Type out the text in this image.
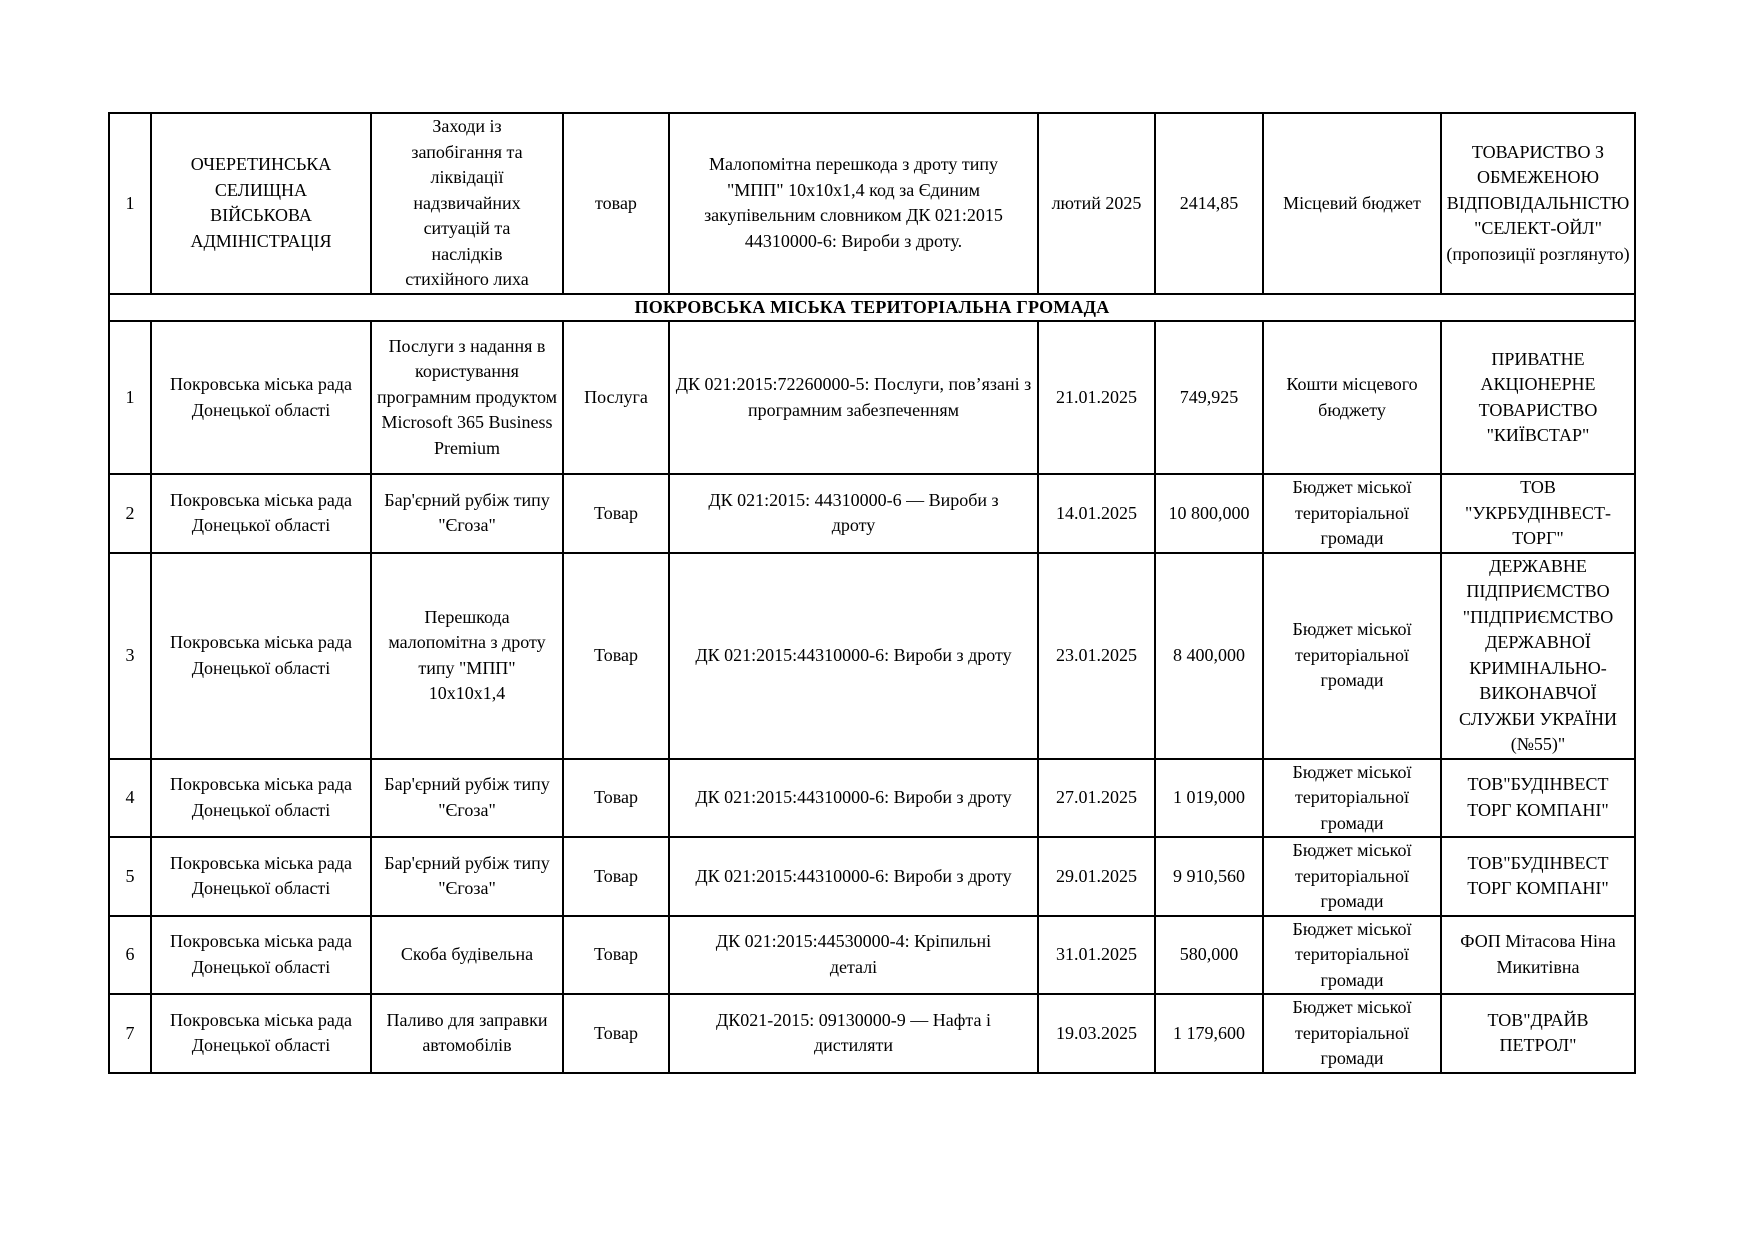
1	ОЧЕРЕТИНСЬКА СЕЛИЩНА ВІЙСЬКОВА АДМІНІСТРАЦІЯ	Заходи із запобігання та ліквідації надзвичайних ситуацій та наслідків стихійного лиха	товар	Малопомітна перешкода з дроту типу "МПП" 10х10х1,4 код за Єдиним закупівельним словником ДК 021:2015 44310000-6: Вироби з дроту.	лютий 2025	2414,85	Місцевий бюджет	ТОВАРИСТВО З ОБМЕЖЕНОЮ ВІДПОВІДАЛЬНІСТЮ "СЕЛЕКТ-ОЙЛ" (пропозиції розглянуто)
ПОКРОВСЬКА МІСЬКА ТЕРИТОРІАЛЬНА ГРОМАДА								
1	Покровська міська рада Донецької області	Послуги з надання в користування програмним продуктом Microsoft 365 Business Premium	Послуга	ДК 021:2015:72260000-5: Послуги, пов’язані з програмним забезпеченням	21.01.2025	749,925	Кошти місцевого бюджету	ПРИВАТНЕ АКЦІОНЕРНЕ ТОВАРИСТВО "КИЇВСТАР"
2	Покровська міська рада Донецької області	Бар'єрний рубіж типу "Єгоза"	Товар	ДК 021:2015: 44310000-6 — Вироби з дроту	14.01.2025	10 800,000	Бюджет міської територіальної громади	ТОВ "УКРБУДІНВЕСТ-ТОРГ"
3	Покровська міська рада Донецької області	Перешкода малопомітна з дроту типу "МПП" 10х10х1,4	Товар	ДК 021:2015:44310000-6: Вироби з дроту	23.01.2025	8 400,000	Бюджет міської територіальної громади	ДЕРЖАВНЕ ПІДПРИЄМСТВО "ПІДПРИЄМСТВО ДЕРЖАВНОЇ КРИМІНАЛЬНО-ВИКОНАВЧОЇ СЛУЖБИ УКРАЇНИ (№55)"
4	Покровська міська рада Донецької області	Бар'єрний рубіж типу "Єгоза"	Товар	ДК 021:2015:44310000-6: Вироби з дроту	27.01.2025	1 019,000	Бюджет міської територіальної громади	ТОВ"БУДІНВЕСТ ТОРГ КОМПАНІ"
5	Покровська міська рада Донецької області	Бар'єрний рубіж типу "Єгоза"	Товар	ДК 021:2015:44310000-6: Вироби з дроту	29.01.2025	9 910,560	Бюджет міської територіальної громади	ТОВ"БУДІНВЕСТ ТОРГ КОМПАНІ"
6	Покровська міська рада Донецької області	Скоба будівельна	Товар	ДК 021:2015:44530000-4: Кріпильні деталі	31.01.2025	580,000	Бюджет міської територіальної громади	ФОП Мітасова Ніна Микитівна
7	Покровська міська рада Донецької області	Паливо для заправки автомобілів	Товар	ДК021-2015: 09130000-9 — Нафта і дистиляти	19.03.2025	1 179,600	Бюджет міської територіальної громади	ТОВ"ДРАЙВ ПЕТРОЛ"
